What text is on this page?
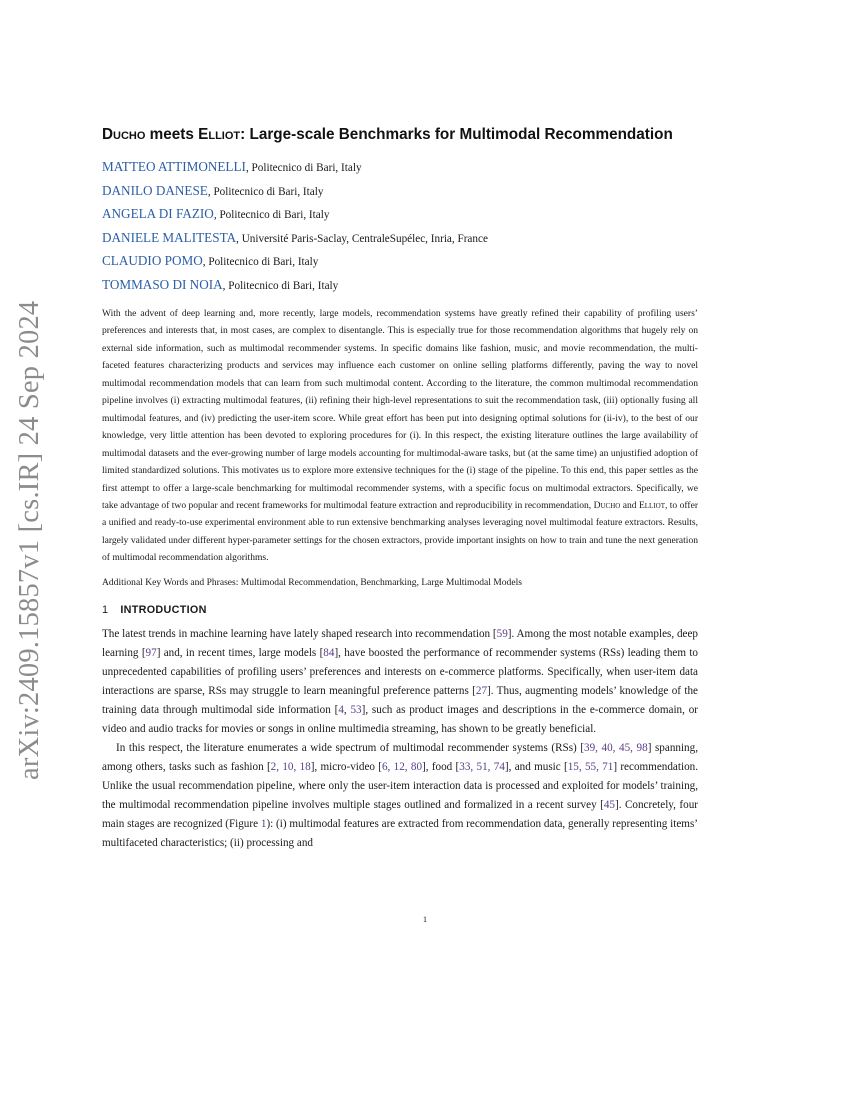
arXiv:2409.15857v1 [cs.IR] 24 Sep 2024
Ducho meets Elliot: Large-scale Benchmarks for Multimodal Recommendation
MATTEO ATTIMONELLI, Politecnico di Bari, Italy
DANILO DANESE, Politecnico di Bari, Italy
ANGELA DI FAZIO, Politecnico di Bari, Italy
DANIELE MALITESTA, Université Paris-Saclay, CentraleSupélec, Inria, France
CLAUDIO POMO, Politecnico di Bari, Italy
TOMMASO DI NOIA, Politecnico di Bari, Italy

With the advent of deep learning and, more recently, large models, recommendation systems have greatly refined their capability of profiling users’ preferences and interests that, in most cases, are complex to disentangle. This is especially true for those recommendation algorithms that hugely rely on external side information, such as multimodal recommender systems. In specific domains like fashion, music, and movie recommendation, the multi-faceted features characterizing products and services may influence each customer on online selling platforms differently, paving the way to novel multimodal recommendation models that can learn from such multimodal content. According to the literature, the common multimodal recommendation pipeline involves (i) extracting multimodal features, (ii) refining their high-level representations to suit the recommendation task, (iii) optionally fusing all multimodal features, and (iv) predicting the user-item score. While great effort has been put into designing optimal solutions for (ii-iv), to the best of our knowledge, very little attention has been devoted to exploring procedures for (i). In this respect, the existing literature outlines the large availability of multimodal datasets and the ever-growing number of large models accounting for multimodal-aware tasks, but (at the same time) an unjustified adoption of limited standardized solutions. This motivates us to explore more extensive techniques for the (i) stage of the pipeline. To this end, this paper settles as the first attempt to offer a large-scale benchmarking for multimodal recommender systems, with a specific focus on multimodal extractors. Specifically, we take advantage of two popular and recent frameworks for multimodal feature extraction and reproducibility in recommendation, Ducho and Elliot, to offer a unified and ready-to-use experimental environment able to run extensive benchmarking analyses leveraging novel multimodal feature extractors. Results, largely validated under different hyper-parameter settings for the chosen extractors, provide important insights on how to train and tune the next generation of multimodal recommendation algorithms.

Additional Key Words and Phrases: Multimodal Recommendation, Benchmarking, Large Multimodal Models

1 INTRODUCTION

The latest trends in machine learning have lately shaped research into recommendation [59]. Among the most notable examples, deep learning [97] and, in recent times, large models [84], have boosted the performance of recommender systems (RSs) leading them to unprecedented capabilities of profiling users’ preferences and interests on e-commerce platforms. Specifically, when user-item data interactions are sparse, RSs may struggle to learn meaningful preference patterns [27]. Thus, augmenting models’ knowledge of the training data through multimodal side information [4, 53], such as product images and descriptions in the e-commerce domain, or video and audio tracks for movies or songs in online multimedia streaming, has shown to be greatly beneficial.

In this respect, the literature enumerates a wide spectrum of multimodal recommender systems (RSs) [39, 40, 45, 98] spanning, among others, tasks such as fashion [2, 10, 18], micro-video [6, 12, 80], food [33, 51, 74], and music [15, 55, 71] recommendation. Unlike the usual recommendation pipeline, where only the user-item interaction data is processed and exploited for models’ training, the multimodal recommendation pipeline involves multiple stages outlined and formalized in a recent survey [45]. Concretely, four main stages are recognized (Figure 1): (i) multimodal features are extracted from recommendation data, generally representing items’ multifaceted characteristics; (ii) processing and

1
